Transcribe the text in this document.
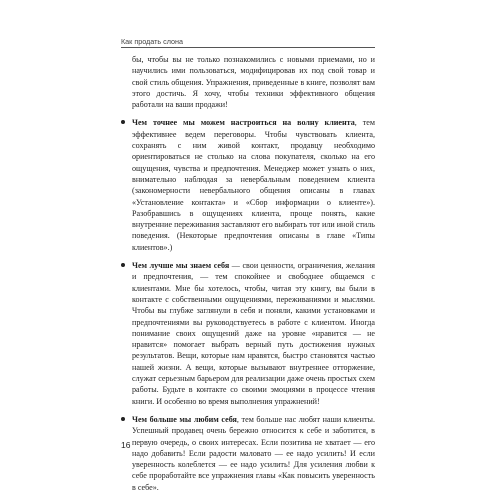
Как продать слона

бы, чтобы вы не только познакомились с новыми приемами, но и научились ими пользоваться, модифицировав их под свой товар и свой стиль общения. Упражнения, приведенные в книге, позволят вам этого достичь. Я хочу, чтобы техники эффективного общения работали на ваши продажи!

Чем точнее мы можем настроиться на волну клиента, тем эффективнее ведем переговоры. Чтобы чувствовать клиента, сохранять с ним живой контакт, продавцу необходимо ориентироваться не столько на слова покупателя, сколько на его ощущения, чувства и предпочтения. Менеджер может узнать о них, внимательно наблюдая за невербальным поведением клиента (закономерности невербального общения описаны в главах «Установление контакта» и «Сбор информации о клиенте»). Разобравшись в ощущениях клиента, проще понять, какие внутренние переживания заставляют его выбирать тот или иной стиль поведения. (Некоторые предпочтения описаны в главе «Типы клиентов».)
Чем лучше мы знаем себя — свои ценности, ограничения, желания и предпочтения, — тем спокойнее и свободнее общаемся с клиентами. Мне бы хотелось, чтобы, читая эту книгу, вы были в контакте с собственными ощущениями, переживаниями и мыслями. Чтобы вы глубже заглянули в себя и поняли, какими установками и предпочтениями вы руководствуетесь в работе с клиентом. Иногда понимание своих ощущений даже на уровне «нравится — не нравится» помогает выбрать верный путь достижения нужных результатов. Вещи, которые нам нравятся, быстро становятся частью нашей жизни. А вещи, которые вызывают внутреннее отторжение, служат серьезным барьером для реализации даже очень простых схем работы. Будьте в контакте со своими эмоциями в процессе чтения книги. И особенно во время выполнения упражнений!
Чем больше мы любим себя, тем больше нас любят наши клиенты. Успешный продавец очень бережно относится к себе и заботится, в первую очередь, о своих интересах. Если позитива не хватает — его надо добавить! Если радости маловато — ее надо усилить! И если уверенность колеблется — ее надо усилить! Для усиления любви к себе проработайте все упражнения главы «Как повысить уверенность в себе».
16
